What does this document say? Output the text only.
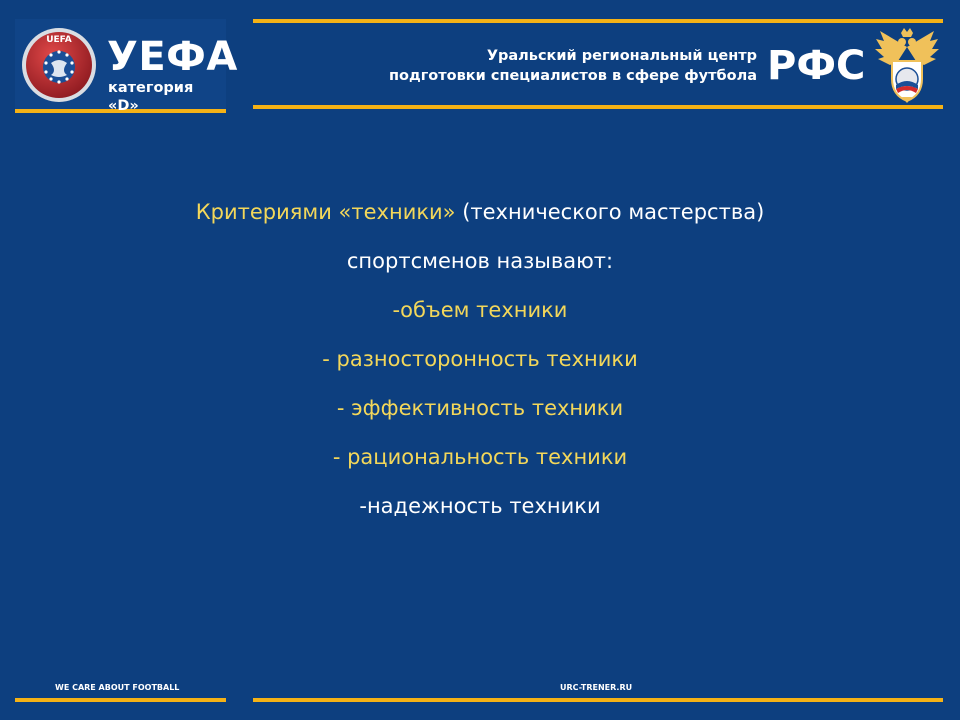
UEFA УЕФА
категория «D»
Уральский региональный центр
подготовки специалистов в сфере футбола РФС
Критериями «техники» (технического мастерства)
спортсменов называют:
-объем техники
- разносторонность техники
- эффективность техники
- рациональность техники
-надежность техники
WE CARE ABOUT FOOTBALL	URC-TRENER.RU
